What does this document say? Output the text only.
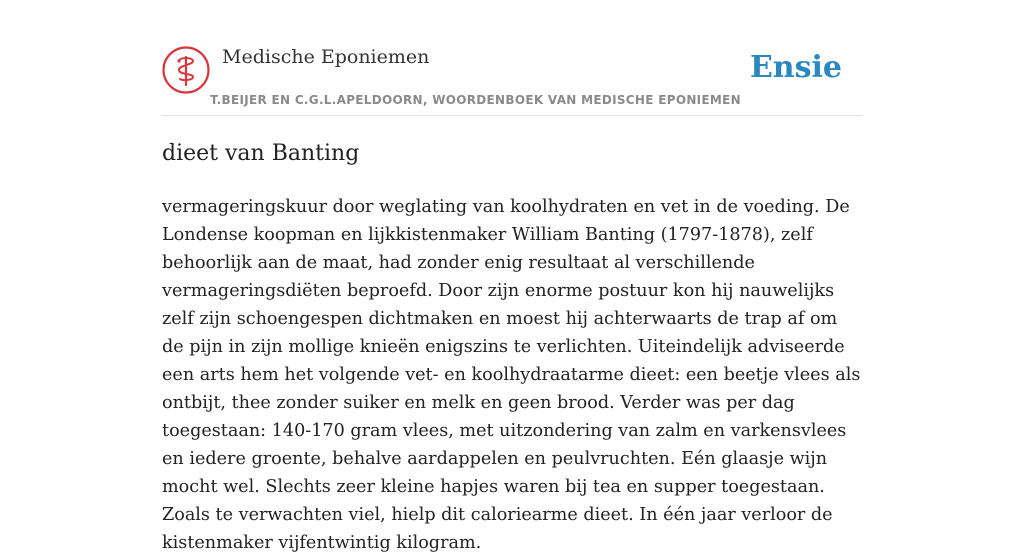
Medische Eponiemen
T.BEIJER EN C.G.L.APELDOORN, WOORDENBOEK VAN MEDISCHE EPONIEMEN
Ensie
dieet van Banting

vermageringskuur door weglating van koolhydraten en vet in de voeding. De Londense koopman en lijkkistenmaker William Banting (1797-1878), zelf behoorlijk aan de maat, had zonder enig resultaat al verschillende vermageringsdiëten beproefd. Door zijn enorme postuur kon hij nauwelijks zelf zijn schoengespen dichtmaken en moest hij achterwaarts de trap af om de pijn in zijn mollige knieën enigszins te verlichten. Uiteindelijk adviseerde een arts hem het volgende vet- en koolhydraatarme dieet: een beetje vlees als ontbijt, thee zonder suiker en melk en geen brood. Verder was per dag toegestaan: 140-170 gram vlees, met uitzondering van zalm en varkensvlees en iedere groente, behalve aardappelen en peulvruchten. Eén glaasje wijn mocht wel. Slechts zeer kleine hapjes waren bij tea en supper toegestaan. Zoals te verwachten viel, hielp dit caloriearme dieet. In één jaar verloor de kistenmaker vijfentwintig kilogram.
